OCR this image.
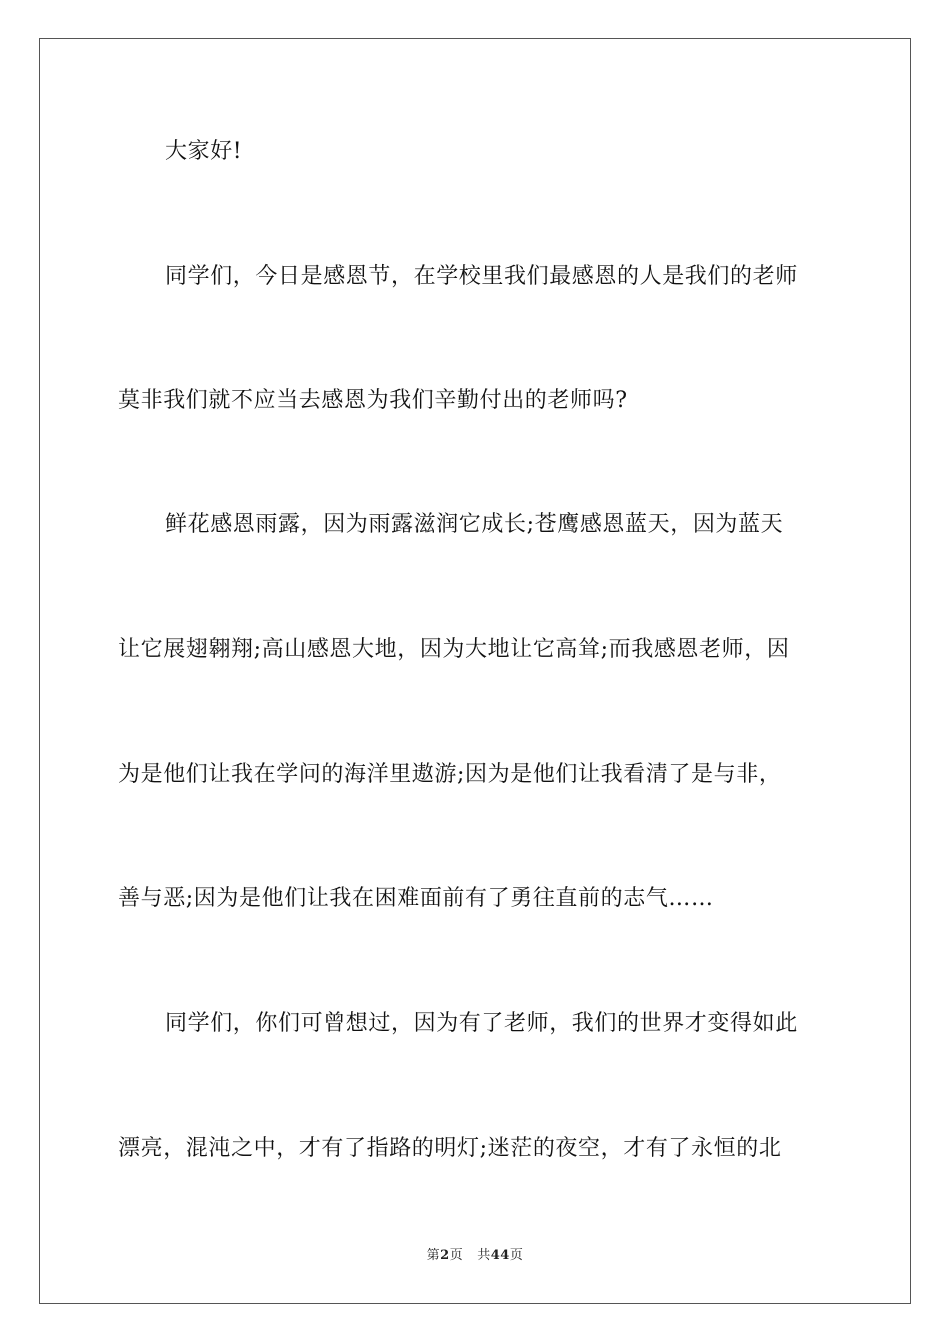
大家好!
同学们，今日是感恩节，在学校里我们最感恩的人是我们的老师
莫非我们就不应当去感恩为我们辛勤付出的老师吗?
鲜花感恩雨露，因为雨露滋润它成长;苍鹰感恩蓝天，因为蓝天
让它展翅翱翔;高山感恩大地，因为大地让它高耸;而我感恩老师，因
为是他们让我在学问的海洋里遨游;因为是他们让我看清了是与非，
善与恶;因为是他们让我在困难面前有了勇往直前的志气……
同学们，你们可曾想过，因为有了老师，我们的世界才变得如此
漂亮，混沌之中，才有了指路的明灯;迷茫的夜空，才有了永恒的北
第2页 共44页
